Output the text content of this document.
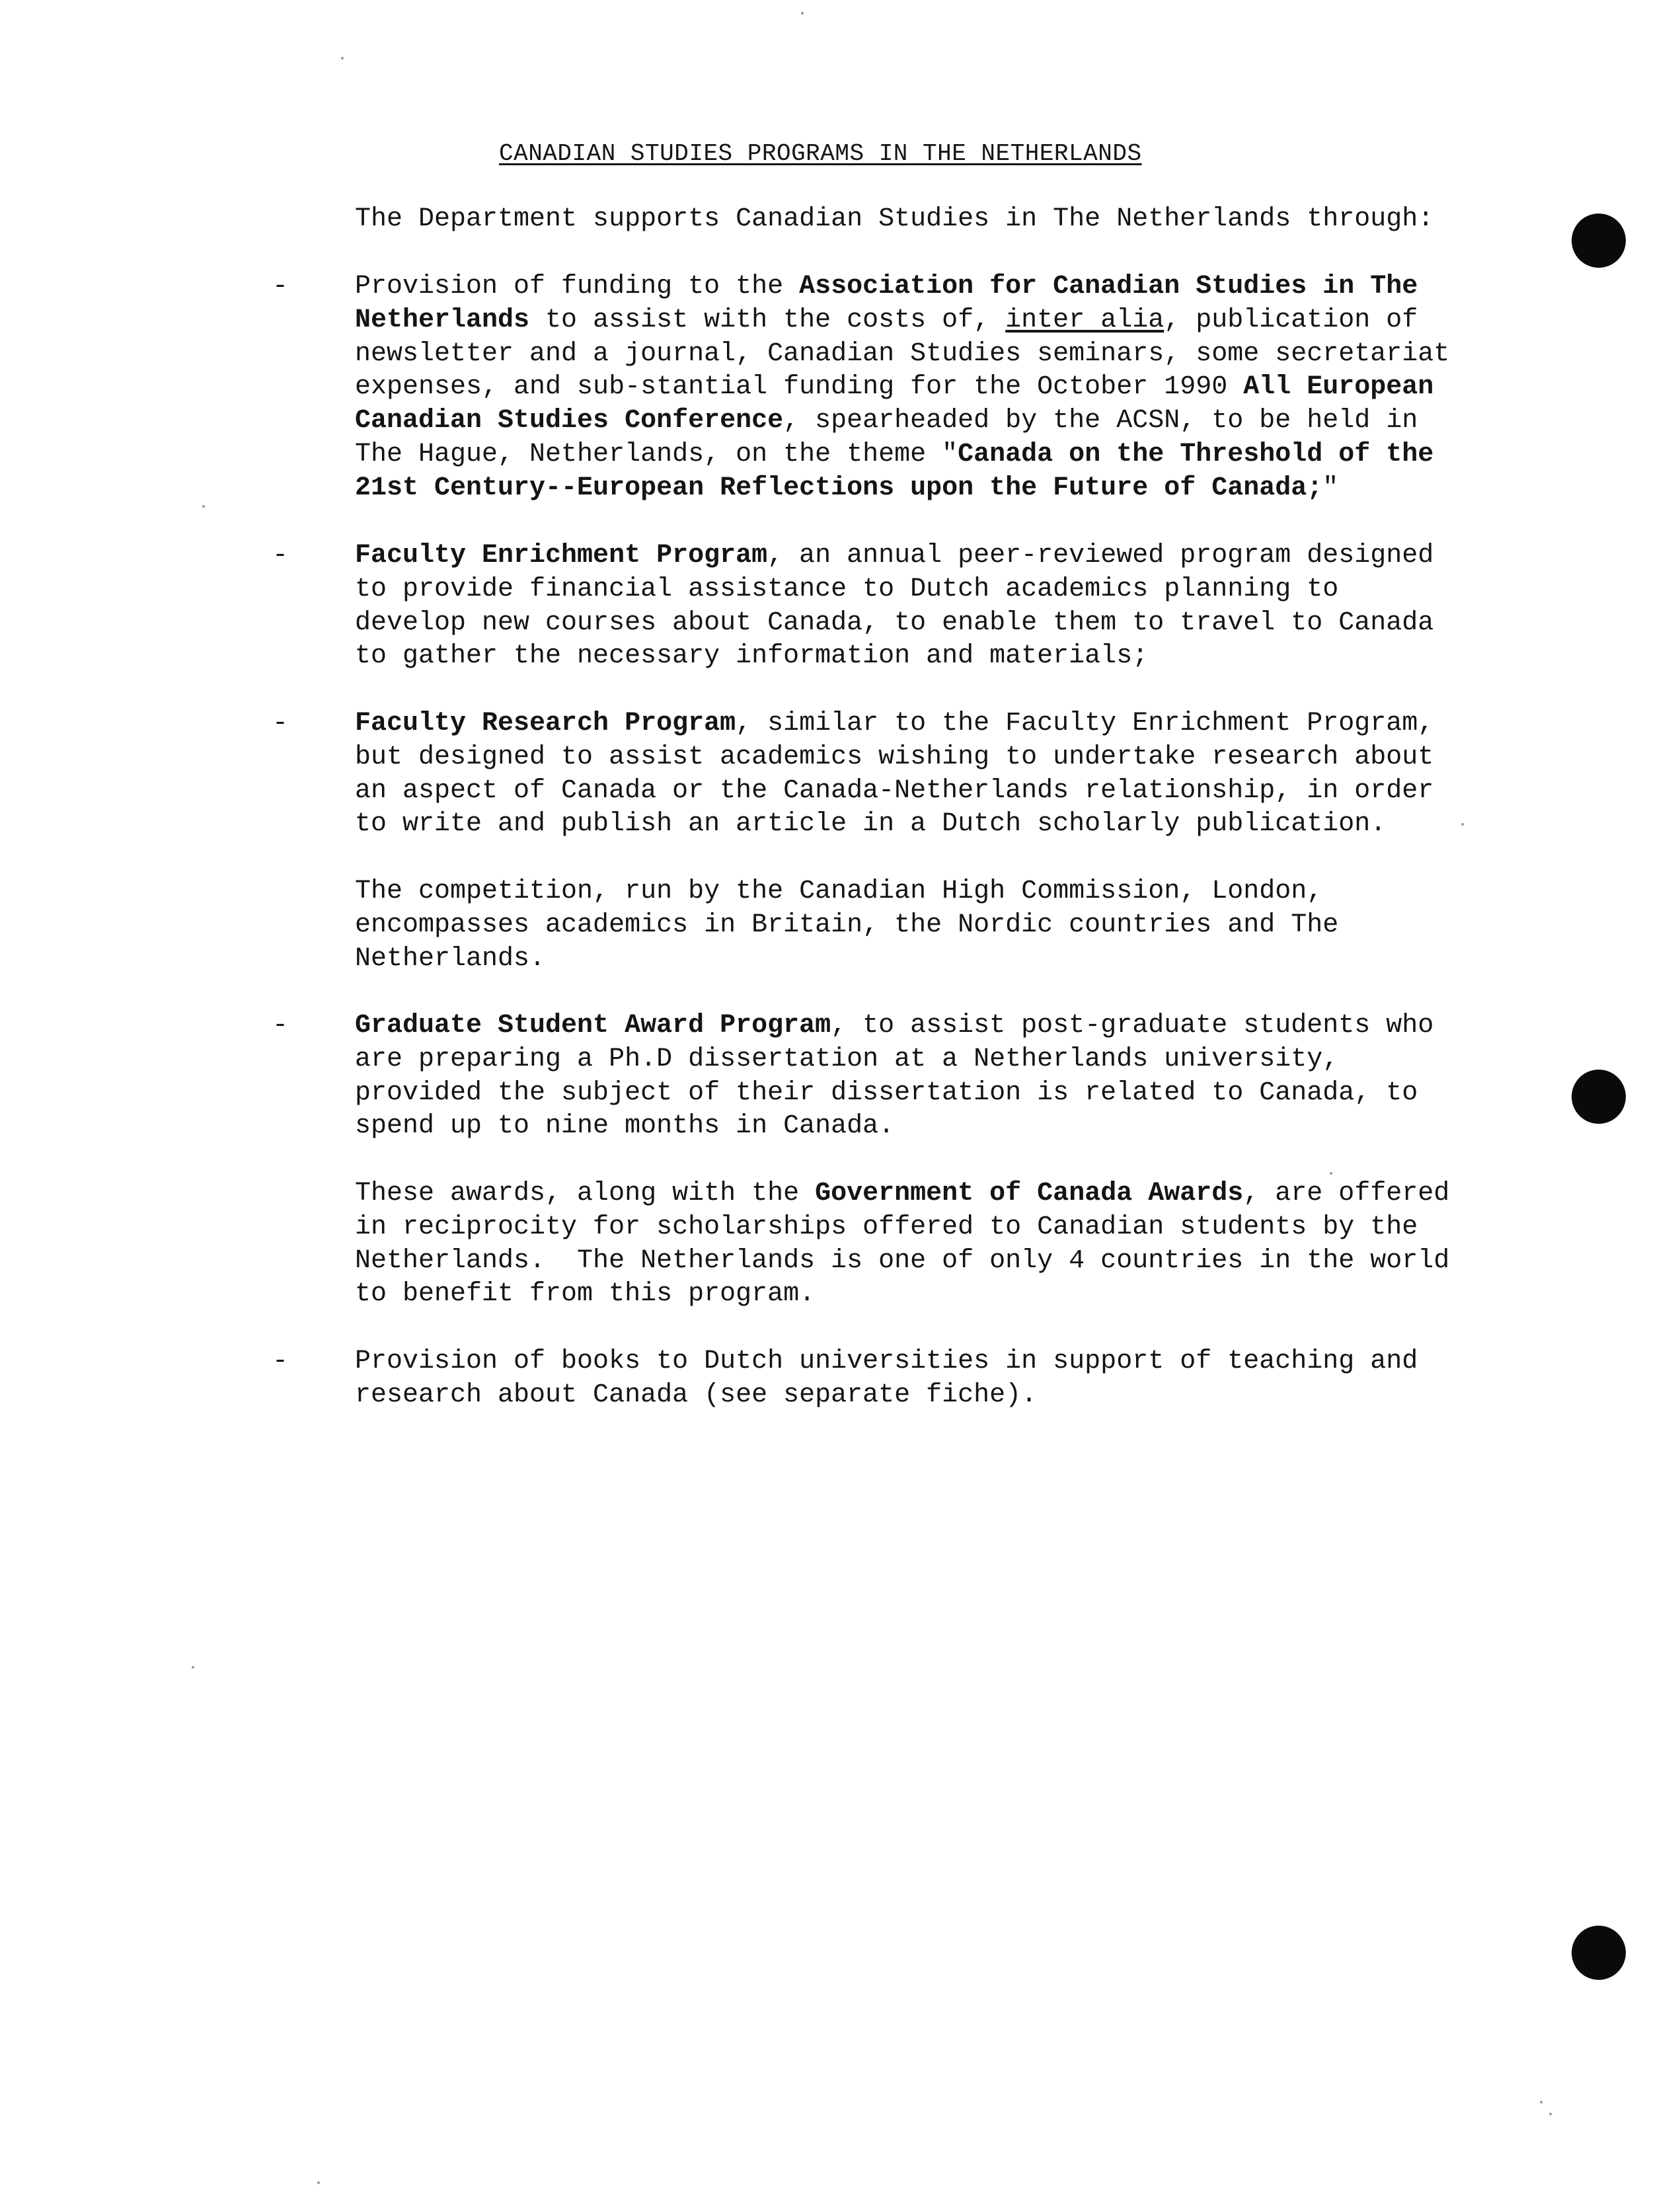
CANADIAN STUDIES PROGRAMS IN THE NETHERLANDS

The Department supports Canadian Studies in The Netherlands through:

-	Provision of funding to the Association for Canadian Studies in The
Netherlands to assist with the costs of, inter alia, publication of
newsletter and a journal, Canadian Studies seminars, some secretariat
expenses, and sub-stantial funding for the October 1990 All European
Canadian Studies Conference, spearheaded by the ACSN, to be held in
The Hague, Netherlands, on the theme "Canada on the Threshold of the
21st Century--European Reflections upon the Future of Canada;"
-	Faculty Enrichment Program, an annual peer-reviewed program designed
to provide financial assistance to Dutch academics planning to
develop new courses about Canada, to enable them to travel to Canada
to gather the necessary information and materials;
-	Faculty Research Program, similar to the Faculty Enrichment Program,
but designed to assist academics wishing to undertake research about
an aspect of Canada or the Canada-Netherlands relationship, in order
to write and publish an article in a Dutch scholarly publication.
The competition, run by the Canadian High Commission, London,
encompasses academics in Britain, the Nordic countries and The
Netherlands.
-	Graduate Student Award Program, to assist post-graduate students who
are preparing a Ph.D dissertation at a Netherlands university,
provided the subject of their dissertation is related to Canada, to
spend up to nine months in Canada.
These awards, along with the Government of Canada Awards, are offered
in reciprocity for scholarships offered to Canadian students by the
Netherlands.  The Netherlands is one of only 4 countries in the world
to benefit from this program.
-	Provision of books to Dutch universities in support of teaching and
research about Canada (see separate fiche).
